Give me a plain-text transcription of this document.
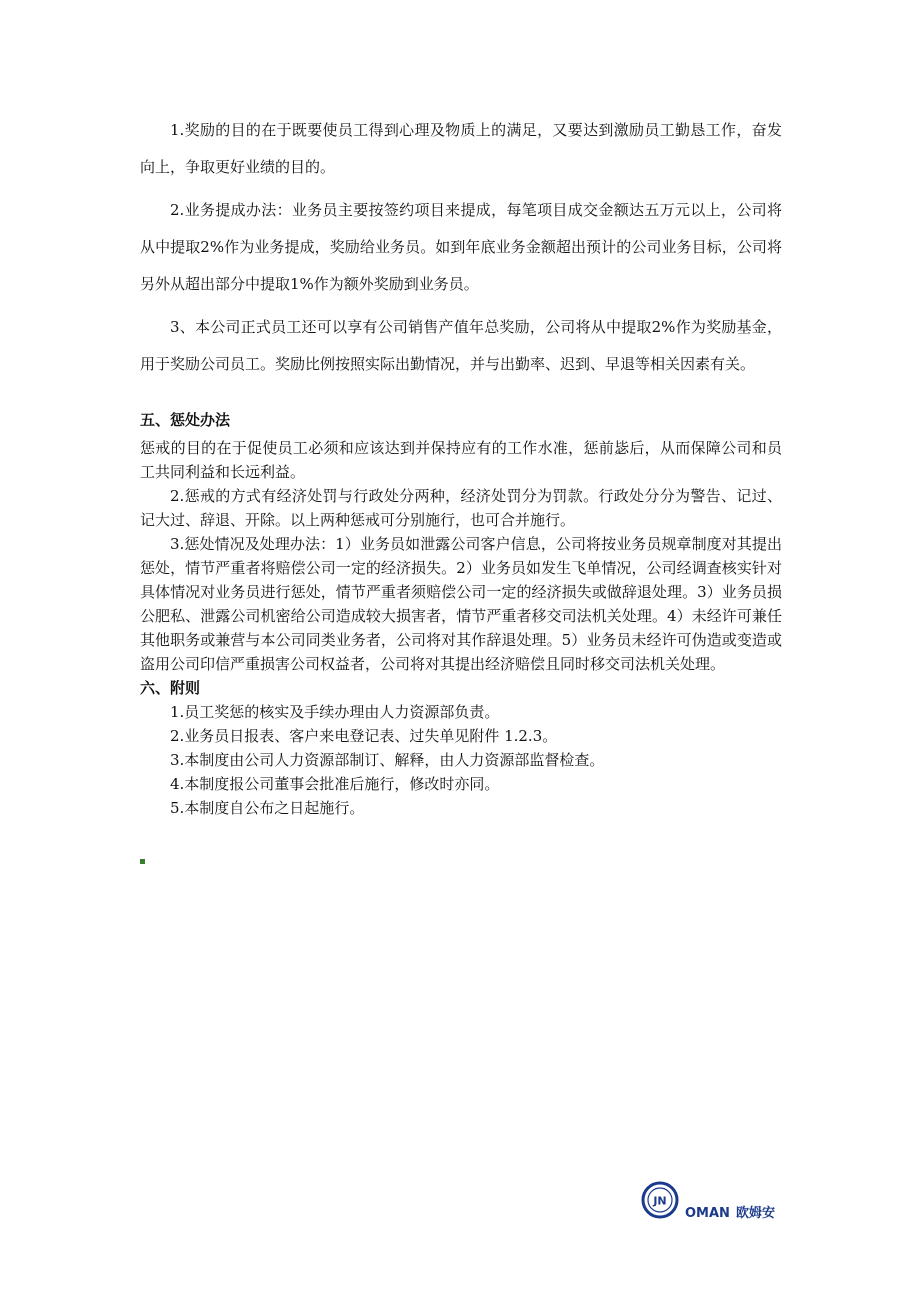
1.奖励的目的在于既要使员工得到心理及物质上的满足，又要达到激励员工勤恳工作，奋发向上，争取更好业绩的目的。

2.业务提成办法：业务员主要按签约项目来提成，每笔项目成交金额达五万元以上，公司将从中提取2%作为业务提成，奖励给业务员。如到年底业务金额超出预计的公司业务目标，公司将另外从超出部分中提取1%作为额外奖励到业务员。

3、本公司正式员工还可以享有公司销售产值年总奖励，公司将从中提取2%作为奖励基金，用于奖励公司员工。奖励比例按照实际出勤情况，并与出勤率、迟到、早退等相关因素有关。

五、惩处办法

惩戒的目的在于促使员工必须和应该达到并保持应有的工作水准，惩前毖后，从而保障公司和员工共同利益和长远利益。

2.惩戒的方式有经济处罚与行政处分两种，经济处罚分为罚款。行政处分分为警告、记过、记大过、辞退、开除。以上两种惩戒可分别施行，也可合并施行。

3.惩处情况及处理办法：1）业务员如泄露公司客户信息，公司将按业务员规章制度对其提出惩处，情节严重者将赔偿公司一定的经济损失。2）业务员如发生飞单情况，公司经调查核实针对具体情况对业务员进行惩处，情节严重者须赔偿公司一定的经济损失或做辞退处理。3）业务员损公肥私、泄露公司机密给公司造成较大损害者，情节严重者移交司法机关处理。4）未经许可兼任其他职务或兼营与本公司同类业务者，公司将对其作辞退处理。5）业务员未经许可伪造或变造或盗用公司印信严重损害公司权益者，公司将对其提出经济赔偿且同时移交司法机关处理。

六、附则

1.员工奖惩的核实及手续办理由人力资源部负责。

2.业务员日报表、客户来电登记表、过失单见附件 1.2.3。

3.本制度由公司人力资源部制订、解释，由人力资源部监督检查。

4.本制度报公司董事会批准后施行，修改时亦同。

5.本制度自公布之日起施行。

JN
OMAN 欧姆安
